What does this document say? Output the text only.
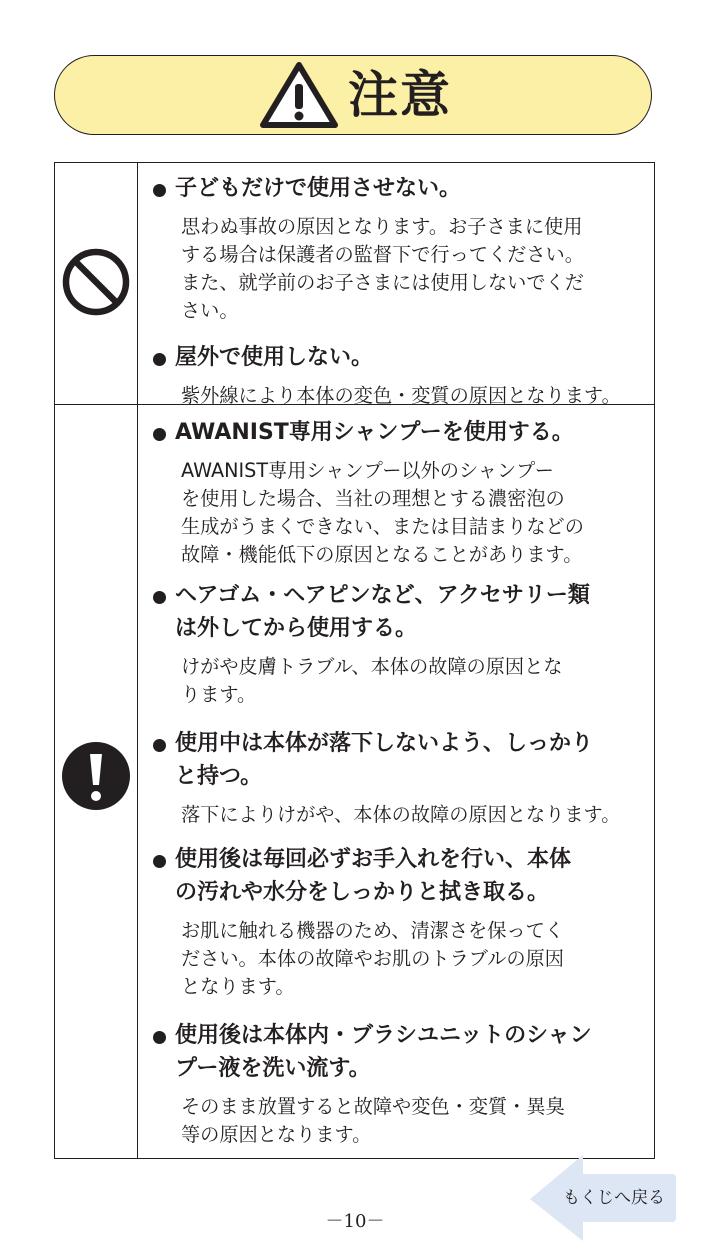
注意

子どもだけで使用させない。

思わぬ事故の原因となります。お子さまに使用
する場合は保護者の監督下で行ってください。
また、就学前のお子さまには使用しないでくだ
さい。

屋外で使用しない。

紫外線により本体の変色・変質の原因となります。

AWANIST専用シャンプーを使用する。

AWANIST専用シャンプー以外のシャンプー
を使用した場合、当社の理想とする濃密泡の
生成がうまくできない、または目詰まりなどの
故障・機能低下の原因となることがあります。

ヘアゴム・ヘアピンなど、アクセサリー類
は外してから使用する。

けがや皮膚トラブル、本体の故障の原因とな
ります。

使用中は本体が落下しないよう、しっかり
と持つ。

落下によりけがや、本体の故障の原因となります。

使用後は毎回必ずお手入れを行い、本体
の汚れや水分をしっかりと拭き取る。

お肌に触れる機器のため、清潔さを保ってく
ださい。本体の故障やお肌のトラブルの原因
となります。

使用後は本体内・ブラシユニットのシャン
プー液を洗い流す。

そのまま放置すると故障や変色・変質・異臭
等の原因となります。

もくじへ戻る
－10－
